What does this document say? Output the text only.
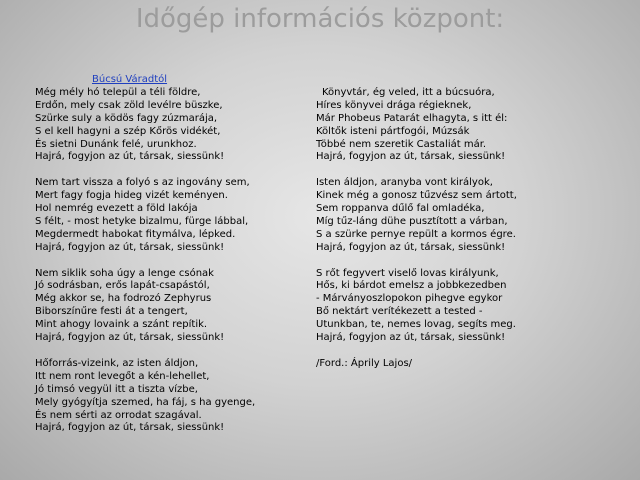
Időgép információs központ:
Búcsú Váradtól
Még mély hó települ a téli földre,
Erdőn, mely csak zöld levélre büszke,
Szürke suly a ködös fagy zúzmarája,
S el kell hagyni a szép Kőrös vidékét,
És sietni Dunánk felé, urunkhoz.
Hajrá, fogyjon az út, társak, siessünk!
Nem tart vissza a folyó s az ingovány sem,
Mert fagy fogja hideg vizét keményen.
Hol nemrég evezett a föld lakója
S félt, - most hetyke bizalmu, fürge lábbal,
Megdermedt habokat fitymálva, lépked.
Hajrá, fogyjon az út, társak, siessünk!
Nem siklik soha úgy a lenge csónak
Jó sodrásban, erős lapát-csapástól,
Még akkor se, ha fodrozó Zephyrus
Biborszínűre festi át a tengert,
Mint ahogy lovaink a szánt repítik.
Hajrá, fogyjon az út, társak, siessünk!
Hőforrás-vizeink, az isten áldjon,
Itt nem ront levegőt a kén-lehellet,
Jó timsó vegyül itt a tiszta vízbe,
Mely gyógyítja szemed, ha fáj, s ha gyenge,
És nem sérti az orrodat szagával.
Hajrá, fogyjon az út, társak, siessünk!
Könyvtár, ég veled, itt a búcsuóra,
Híres könyvei drága régieknek,
Már Phobeus Patarát elhagyta, s itt él:
Költők isteni pártfogói, Múzsák
Többé nem szeretik Castaliát már.
Hajrá, fogyjon az út, társak, siessünk!
Isten áldjon, aranyba vont királyok,
Kinek még a gonosz tűzvész sem ártott,
Sem roppanva dűlő fal omladéka,
Míg tűz-láng dühe pusztított a várban,
S a szürke pernye repült a kormos égre.
Hajrá, fogyjon az út, társak, siessünk!
S rőt fegyvert viselő lovas királyunk,
Hős, ki bárdot emelsz a jobbkezedben
- Márványoszlopokon pihegve egykor
Bő nektárt verítékezett a tested -
Utunkban, te, nemes lovag, segíts meg.
Hajrá, fogyjon az út, társak, siessünk!
/Ford.: Áprily Lajos/
